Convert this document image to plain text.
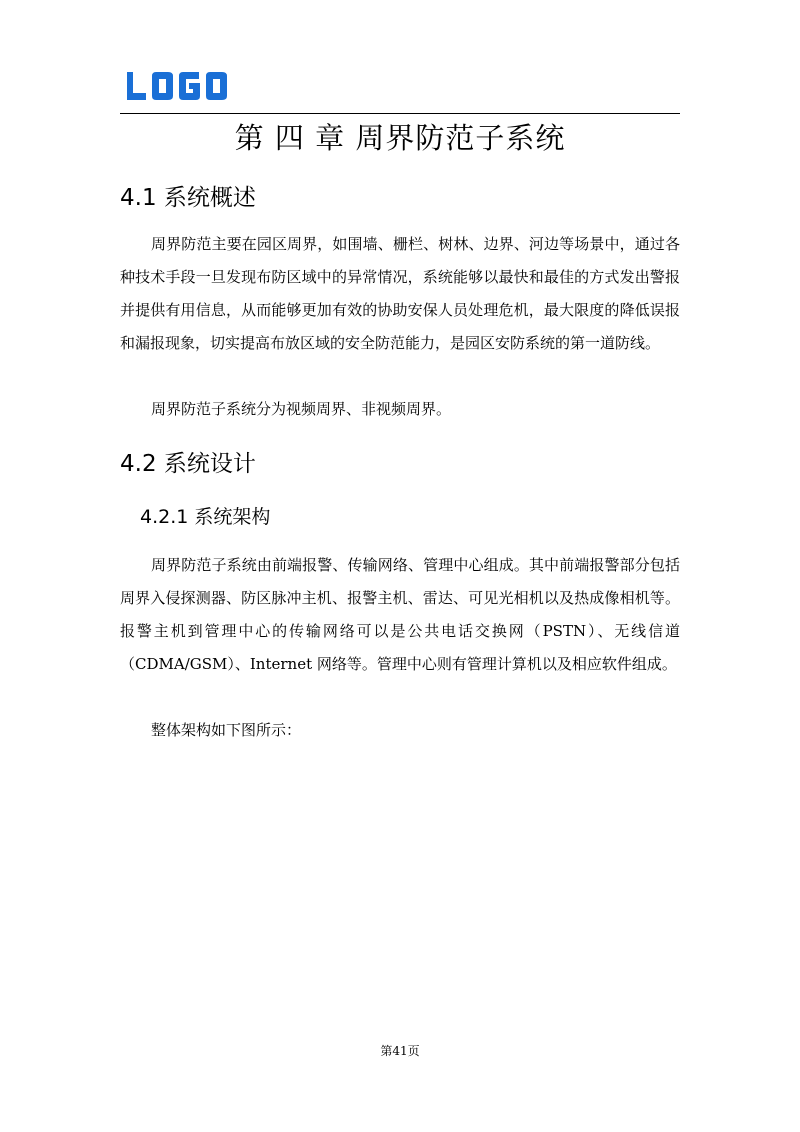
第 四 章 周界防范子系统
4.1 系统概述

周界防范主要在园区周界，如围墙、栅栏、树林、边界、河边等场景中，通过各种技术手段一旦发现布防区域中的异常情况，系统能够以最快和最佳的方式发出警报并提供有用信息，从而能够更加有效的协助安保人员处理危机，最大限度的降低误报和漏报现象，切实提高布放区域的安全防范能力，是园区安防系统的第一道防线。

周界防范子系统分为视频周界、非视频周界。

4.2 系统设计
4.2.1 系统架构

周界防范子系统由前端报警、传输网络、管理中心组成。其中前端报警部分包括周界入侵探测器、防区脉冲主机、报警主机、雷达、可见光相机以及热成像相机等。报警主机到管理中心的传输网络可以是公共电话交换网（PSTN）、无线信道（CDMA/GSM）、Internet 网络等。管理中心则有管理计算机以及相应软件组成。

整体架构如下图所示：

第41页
